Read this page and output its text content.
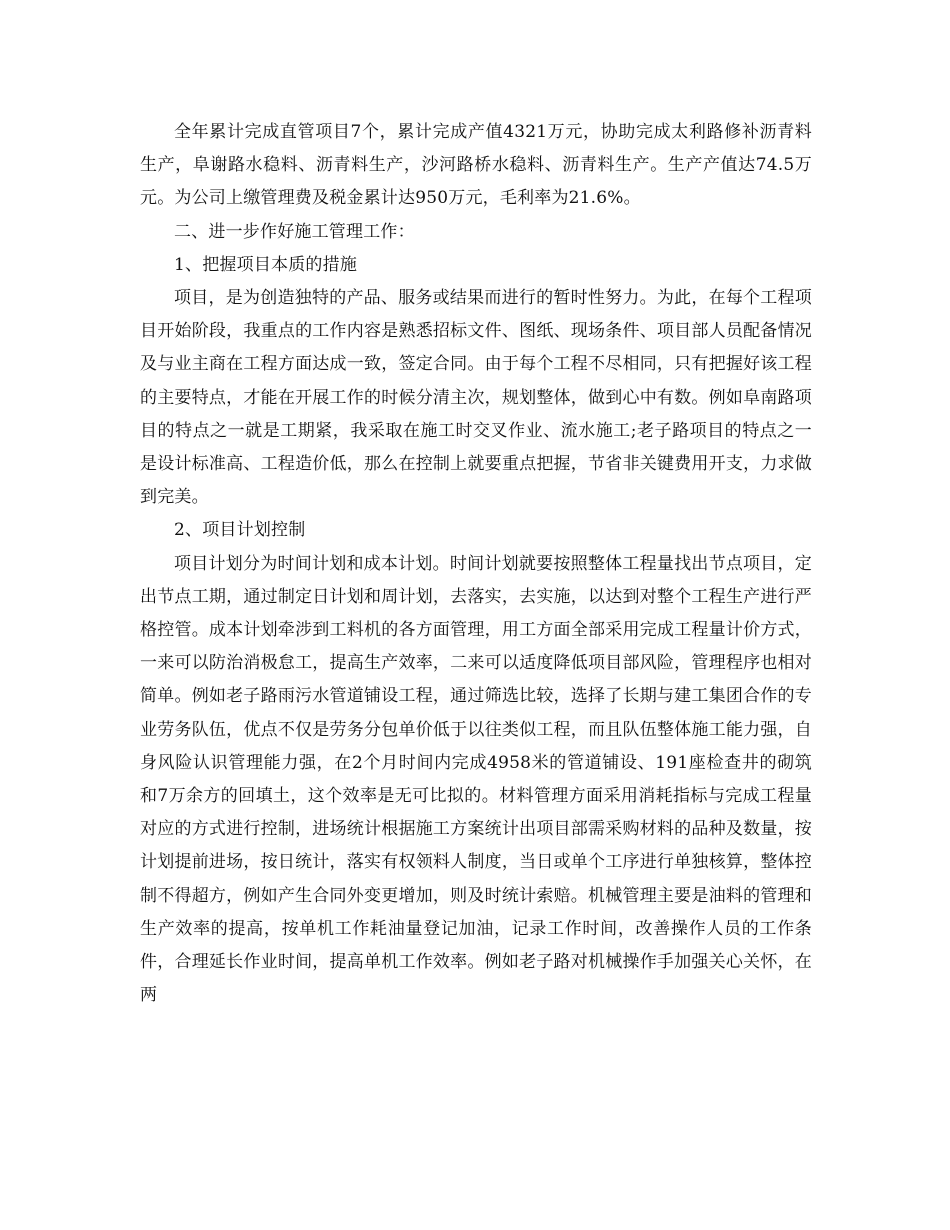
全年累计完成直管项目7个，累计完成产值4321万元，协助完成太利路修补沥青料生产，阜谢路水稳料、沥青料生产，沙河路桥水稳料、沥青料生产。生产产值达74.5万元。为公司上缴管理费及税金累计达950万元，毛利率为21.6%。

二、进一步作好施工管理工作：

1、把握项目本质的措施

项目，是为创造独特的产品、服务或结果而进行的暂时性努力。为此，在每个工程项目开始阶段，我重点的工作内容是熟悉招标文件、图纸、现场条件、项目部人员配备情况及与业主商在工程方面达成一致，签定合同。由于每个工程不尽相同，只有把握好该工程的主要特点，才能在开展工作的时候分清主次，规划整体，做到心中有数。例如阜南路项目的特点之一就是工期紧，我采取在施工时交叉作业、流水施工;老子路项目的特点之一是设计标准高、工程造价低，那么在控制上就要重点把握，节省非关键费用开支，力求做到完美。

2、项目计划控制

项目计划分为时间计划和成本计划。时间计划就要按照整体工程量找出节点项目，定出节点工期，通过制定日计划和周计划，去落实，去实施，以达到对整个工程生产进行严格控管。成本计划牵涉到工料机的各方面管理，用工方面全部采用完成工程量计价方式，一来可以防治消极怠工，提高生产效率，二来可以适度降低项目部风险，管理程序也相对简单。例如老子路雨污水管道铺设工程，通过筛选比较，选择了长期与建工集团合作的专业劳务队伍，优点不仅是劳务分包单价低于以往类似工程，而且队伍整体施工能力强，自身风险认识管理能力强，在2个月时间内完成4958米的管道铺设、191座检查井的砌筑和7万余方的回填土，这个效率是无可比拟的。材料管理方面采用消耗指标与完成工程量对应的方式进行控制，进场统计根据施工方案统计出项目部需采购材料的品种及数量，按计划提前进场，按日统计，落实有权领料人制度，当日或单个工序进行单独核算，整体控制不得超方，例如产生合同外变更增加，则及时统计索赔。机械管理主要是油料的管理和生产效率的提高，按单机工作耗油量登记加油，记录工作时间，改善操作人员的工作条件，合理延长作业时间，提高单机工作效率。例如老子路对机械操作手加强关心关怀，在两
